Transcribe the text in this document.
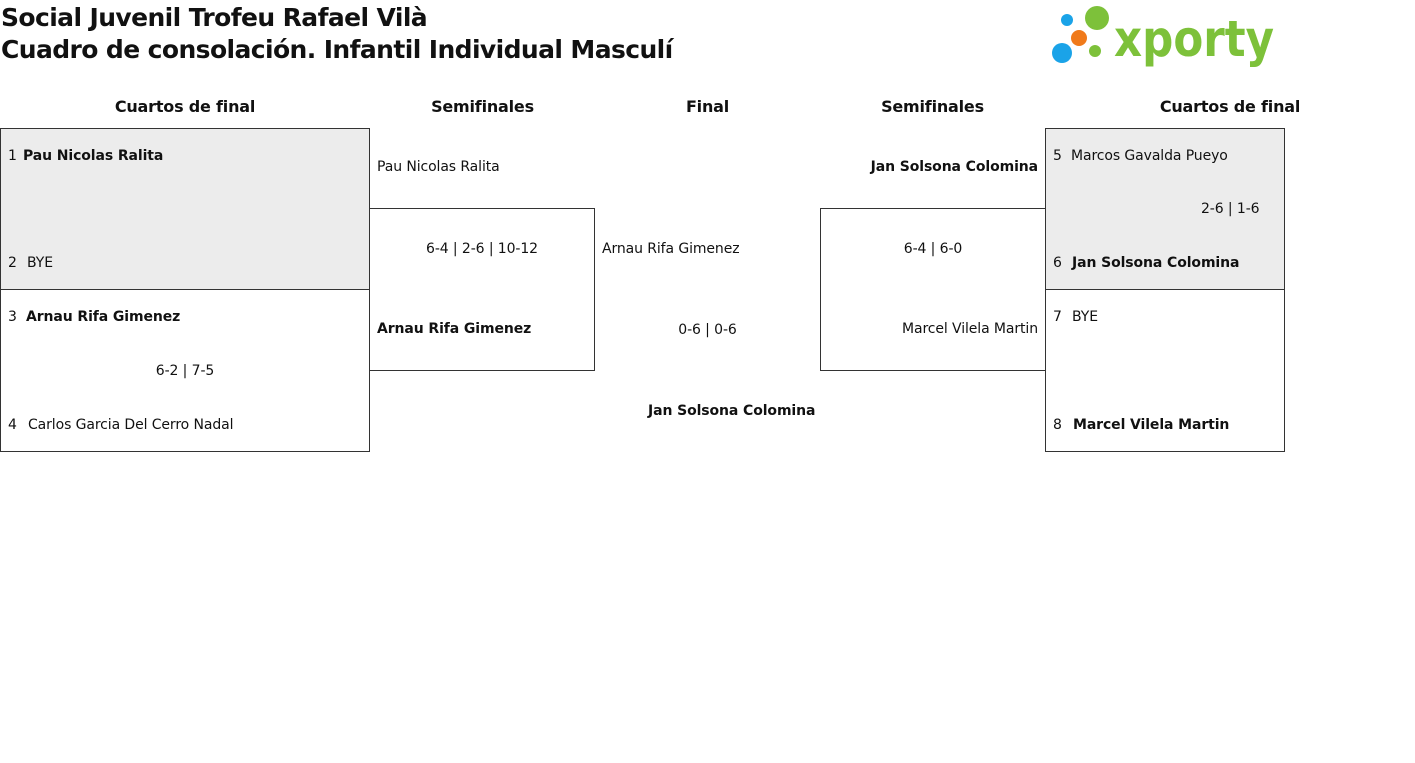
Social Juvenil Trofeu Rafael Vilà
Cuadro de consolación. Infantil Individual Masculí	xporty
Cuartos de final	Semifinales	Final	Semifinales	Cuartos de final
1 Pau Nicolas Ralita
2 BYE
3 Arnau Rifa Gimenez
6-2 | 7-5
4 Carlos Garcia Del Cerro Nadal
Pau Nicolas Ralita
6-4 | 2-6 | 10-12
Arnau Rifa Gimenez
Arnau Rifa Gimenez
0-6 | 0-6
Jan Solsona Colomina
Jan Solsona Colomina
6-4 | 6-0
Marcel Vilela Martin
5 Marcos Gavalda Pueyo
2-6 | 1-6
6 Jan Solsona Colomina
7 BYE
8 Marcel Vilela Martin
